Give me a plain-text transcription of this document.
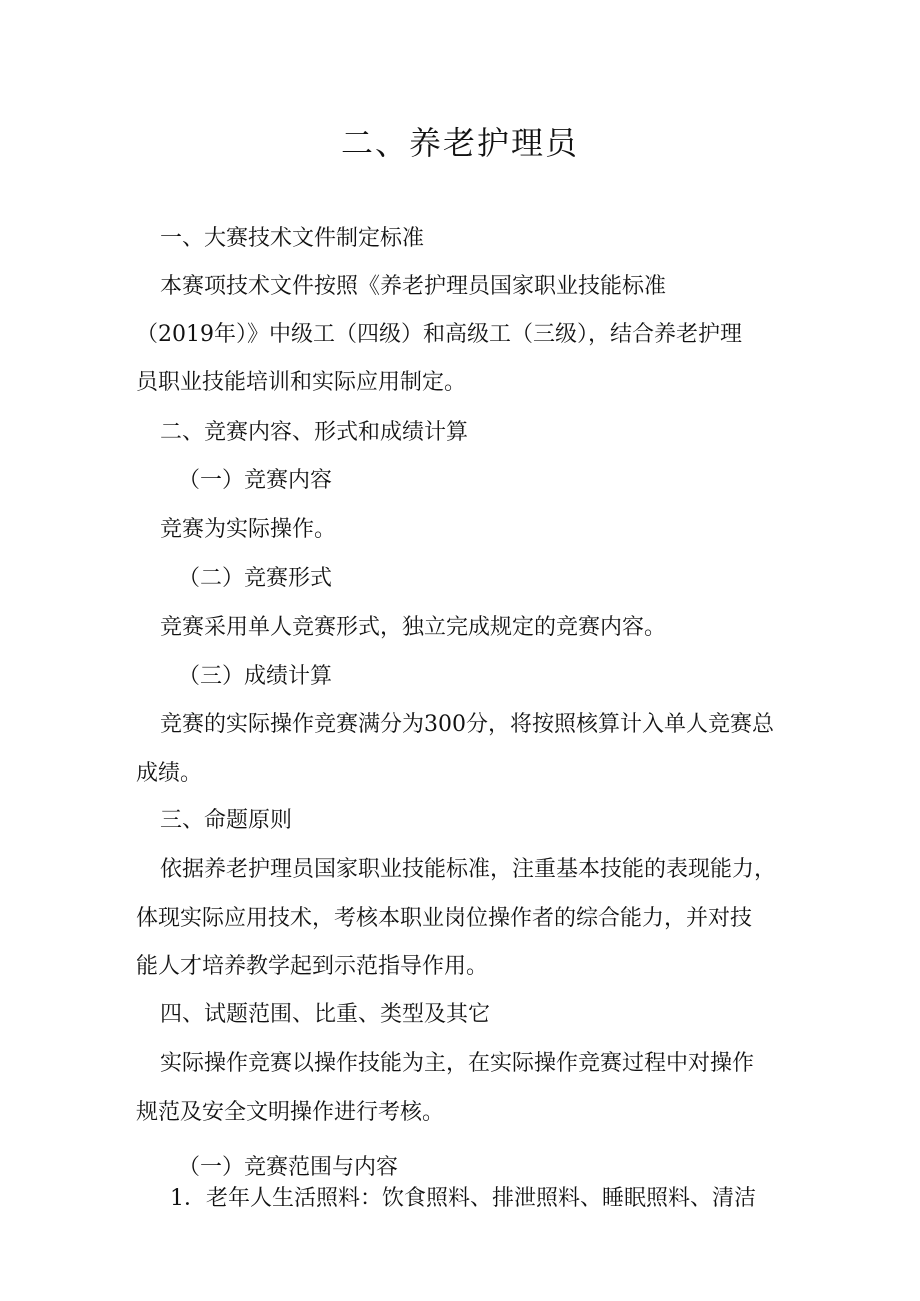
二、养老护理员
一、大赛技术文件制定标准
本赛项技术文件按照《养老护理员国家职业技能标准
（2019年）》中级工（四级）和高级工（三级），结合养老护理
员职业技能培训和实际应用制定。
二、竞赛内容、形式和成绩计算
（一）竞赛内容
竞赛为实际操作。
（二）竞赛形式
竞赛采用单人竞赛形式，独立完成规定的竞赛内容。
（三）成绩计算
竞赛的实际操作竞赛满分为300分，将按照核算计入单人竞赛总
成绩。
三、命题原则
依据养老护理员国家职业技能标准，注重基本技能的表现能力，
体现实际应用技术，考核本职业岗位操作者的综合能力，并对技
能人才培养教学起到示范指导作用。
四、试题范围、比重、类型及其它
实际操作竞赛以操作技能为主，在实际操作竞赛过程中对操作
规范及安全文明操作进行考核。
（一）竞赛范围与内容
1．老年人生活照料：饮食照料、排泄照料、睡眠照料、清洁
